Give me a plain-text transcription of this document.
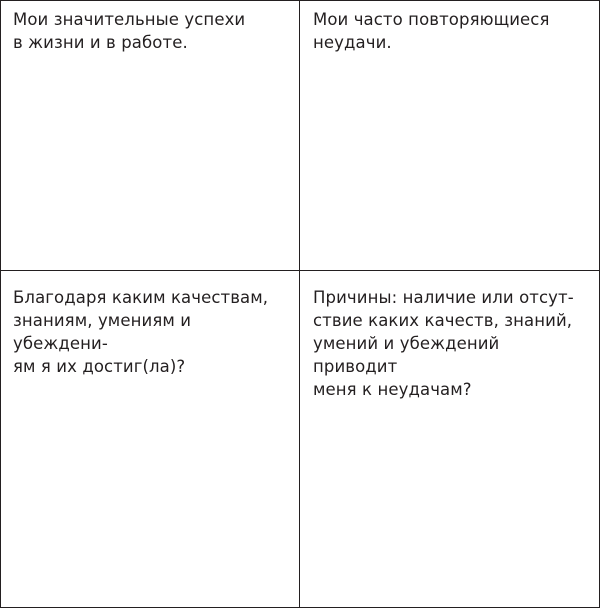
Мои значительные успехи
в жизни и в работе.

Мои часто повторяющиеся
неудачи.

Благодаря каким качествам,
знаниям, умениям и убеждени-
ям я их достиг(ла)?

Причины: наличие или отсут-
ствие каких качеств, знаний,
умений и убеждений приводит
меня к неудачам?
